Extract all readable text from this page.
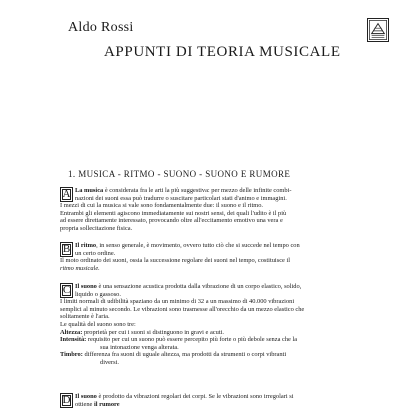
Aldo Rossi
APPUNTI DI TEORIA MUSICALE
1. MUSICA - RITMO - SUONO - SUONO E RUMORE
A La musica è considerata fra le arti la più suggestiva: per mezzo delle infinite combi-
nazioni dei suoni essa può tradurre o suscitare particolari stati d'animo e immagini.
I mezzi di cui la musica si vale sono fondamentalmente due: il suono e il ritmo.
Entrambi gli elementi agiscono immediatamente sui nostri sensi, dei quali l'udito è il più
ad essere direttamente interessato, provocando oltre all'eccitamento emotivo una vera e
propria sollecitazione fisica.
B Il ritmo, in senso generale, è movimento, ovvero tutto ciò che si succede nel tempo con
un certo ordine.
Il moto ordinato dei suoni, ossia la successione regolare dei suoni nel tempo, costituisce il
ritmo musicale.
C Il suono è una sensazione acustica prodotta dalla vibrazione di un corpo elastico, solido,
liquido o gassoso.
I limiti normali di udibilità spaziano da un minimo di 32 a un massimo di 40.000 vibrazioni
semplici al minuto secondo. Le vibrazioni sono trasmesse all'orecchio da un mezzo elastico che
solitamente è l'aria.
Le qualità del suono sono tre:
Altezza: proprietà per cui i suoni si distinguono in gravi e acuti.
Intensità: requisito per cui un suono può essere percepito più forte o più debole senza che la
sua intonazione venga alterata.
Timbro: differenza fra suoni di uguale altezza, ma prodotti da strumenti o corpi vibranti
diversi.
D Il suono è prodotto da vibrazioni regolari dei corpi. Se le vibrazioni sono irregolari si
ottiene il rumore
